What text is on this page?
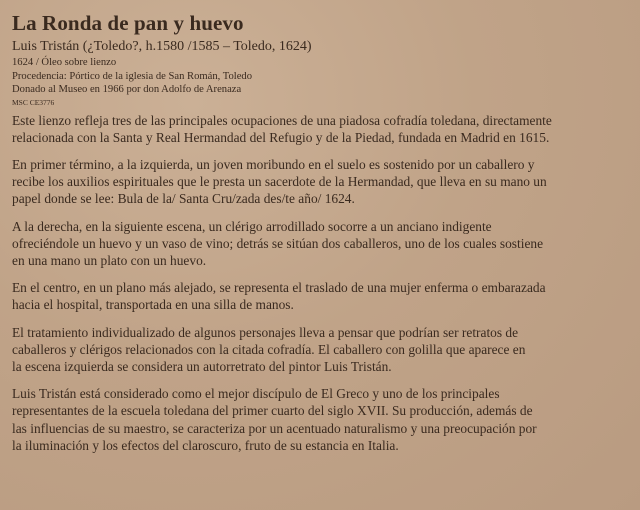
La Ronda de pan y huevo

Luis Tristán (¿Toledo?, h.1580 /1585 – Toledo, 1624)

1624 / Óleo sobre lienzo

Procedencia: Pórtico de la iglesia de San Román, Toledo

Donado al Museo en 1966 por don Adolfo de Arenaza

MSC CE3776

Este lienzo refleja tres de las principales ocupaciones de una piadosa cofradía toledana, directamente
relacionada con la Santa y Real Hermandad del Refugio y de la Piedad, fundada en Madrid en 1615.

En primer término, a la izquierda, un joven moribundo en el suelo es sostenido por un caballero y
recibe los auxilios espirituales que le presta un sacerdote de la Hermandad, que lleva en su mano un
papel donde se lee: Bula de la/ Santa Cru/zada des/te año/ 1624.

A la derecha, en la siguiente escena, un clérigo arrodillado socorre a un anciano indigente
ofreciéndole un huevo y un vaso de vino; detrás se sitúan dos caballeros, uno de los cuales sostiene
en una mano un plato con un huevo.

En el centro, en un plano más alejado, se representa el traslado de una mujer enferma o embarazada
hacia el hospital, transportada en una silla de manos.

El tratamiento individualizado de algunos personajes lleva a pensar que podrían ser retratos de
caballeros y clérigos relacionados con la citada cofradía. El caballero con golilla que aparece en
la escena izquierda se considera un autorretrato del pintor Luis Tristán.

Luis Tristán está considerado como el mejor discípulo de El Greco y uno de los principales
representantes de la escuela toledana del primer cuarto del siglo XVII. Su producción, además de
las influencias de su maestro, se caracteriza por un acentuado naturalismo y una preocupación por
la iluminación y los efectos del claroscuro, fruto de su estancia en Italia.
